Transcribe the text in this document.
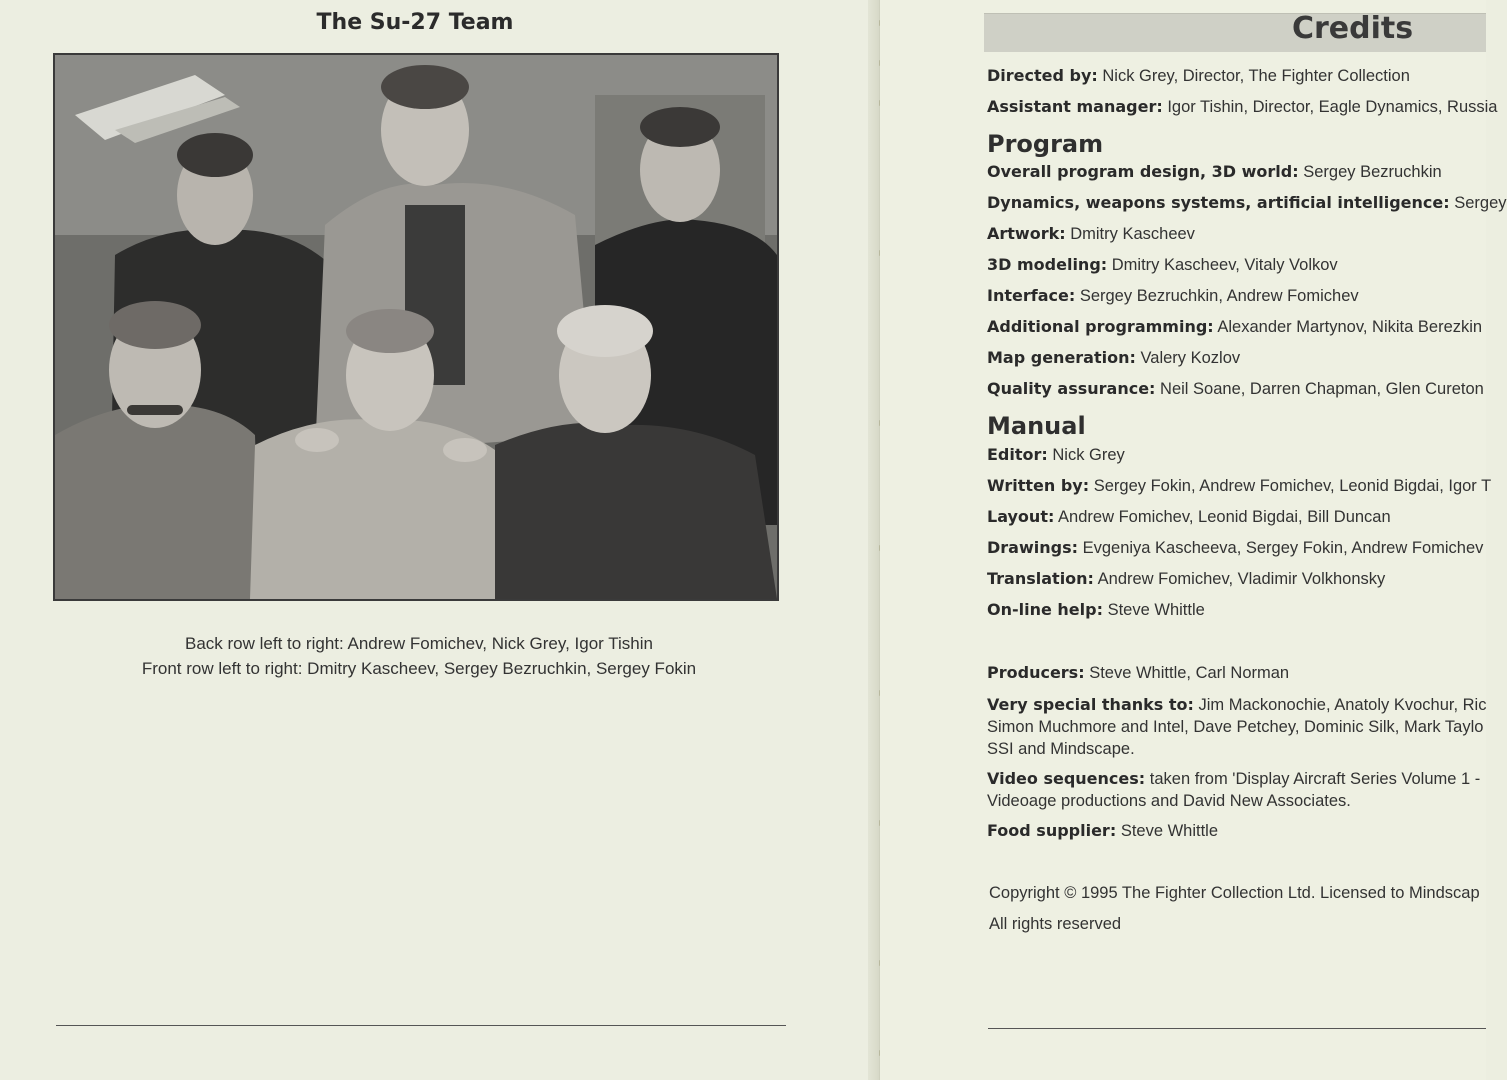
The Su-27 Team
Back row left to right: Andrew Fomichev, Nick Grey, Igor Tishin
Front row left to right: Dmitry Kascheev, Sergey Bezruchkin, Sergey Fokin
Credits
Directed by: Nick Grey, Director, The Fighter Collection
Assistant manager: Igor Tishin, Director, Eagle Dynamics, Russia
Program
Overall program design, 3D world: Sergey Bezruchkin
Dynamics, weapons systems, artificial intelligence: Sergey
Artwork: Dmitry Kascheev
3D modeling: Dmitry Kascheev, Vitaly Volkov
Interface: Sergey Bezruchkin, Andrew Fomichev
Additional programming: Alexander Martynov, Nikita Berezkin
Map generation: Valery Kozlov
Quality assurance: Neil Soane, Darren Chapman, Glen Cureton
Manual
Editor: Nick Grey
Written by: Sergey Fokin, Andrew Fomichev, Leonid Bigdai, Igor T
Layout: Andrew Fomichev, Leonid Bigdai, Bill Duncan
Drawings: Evgeniya Kascheeva, Sergey Fokin, Andrew Fomichev
Translation: Andrew Fomichev, Vladimir Volkhonsky
On-line help: Steve Whittle
Producers: Steve Whittle, Carl Norman
Very special thanks to: Jim Mackonochie, Anatoly Kvochur, Ric
Simon Muchmore and Intel, Dave Petchey, Dominic Silk, Mark Taylo
SSI and Mindscape.
Video sequences: taken from 'Display Aircraft Series Volume 1 -
Videoage productions and David New Associates.
Food supplier: Steve Whittle
Copyright © 1995 The Fighter Collection Ltd. Licensed to Mindscap
All rights reserved
